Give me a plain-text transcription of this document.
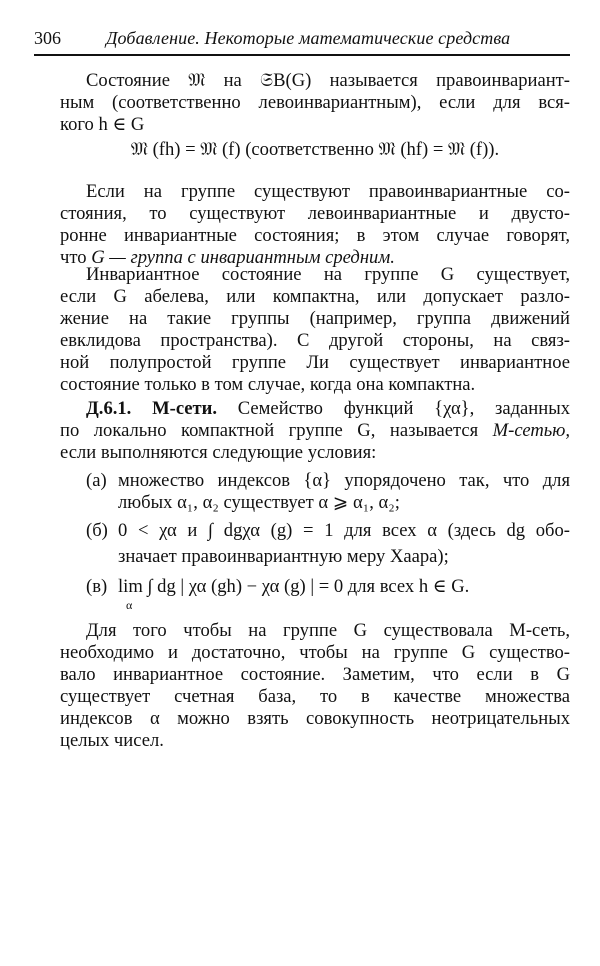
306	Добавление. Некоторые математические средства
Состояние 𝔐 на 𝔖B(G) называется правоинвариант-
ным (соответственно левоинвариантным), если для вся-
кого h ∈ G
𝔐 (fh) = 𝔐 (f) (соответственно 𝔐 (hf) = 𝔐 (f)).
Если на группе существуют правоинвариантные со-
стояния, то существуют левоинвариантные и двусто-
ронне инвариантные состояния; в этом случае говорят,
что G — группа с инвариантным средним.
Инвариантное состояние на группе G существует,
если G абелева, или компактна, или допускает разло-
жение на такие группы (например, группа движений
евклидова пространства). С другой стороны, на связ-
ной полупростой группе Ли существует инвариантное
состояние только в том случае, когда она компактна.
Д.6.1. M-сети. Семейство функций {χα}, заданных
по локально компактной группе G, называется M-сетью,
если выполняются следующие условия:
(а) множество индексов {α} упорядочено так, что для
любых α₁, α₂ существует α ⩾ α₁, α₂;
(б) 0 < χα и ∫ dgχα (g) = 1 для всех α (здесь dg обо-
значает правоинвариантную меру Хаара);
(в) lim ∫ dg | χα (gh) − χα (g) | = 0 для всех h ∈ G.
α
Для того чтобы на группе G существовала M-сеть,
необходимо и достаточно, чтобы на группе G существо-
вало инвариантное состояние. Заметим, что если в G
существует счетная база, то в качестве множества
индексов α можно взять совокупность неотрицательных
целых чисел.
